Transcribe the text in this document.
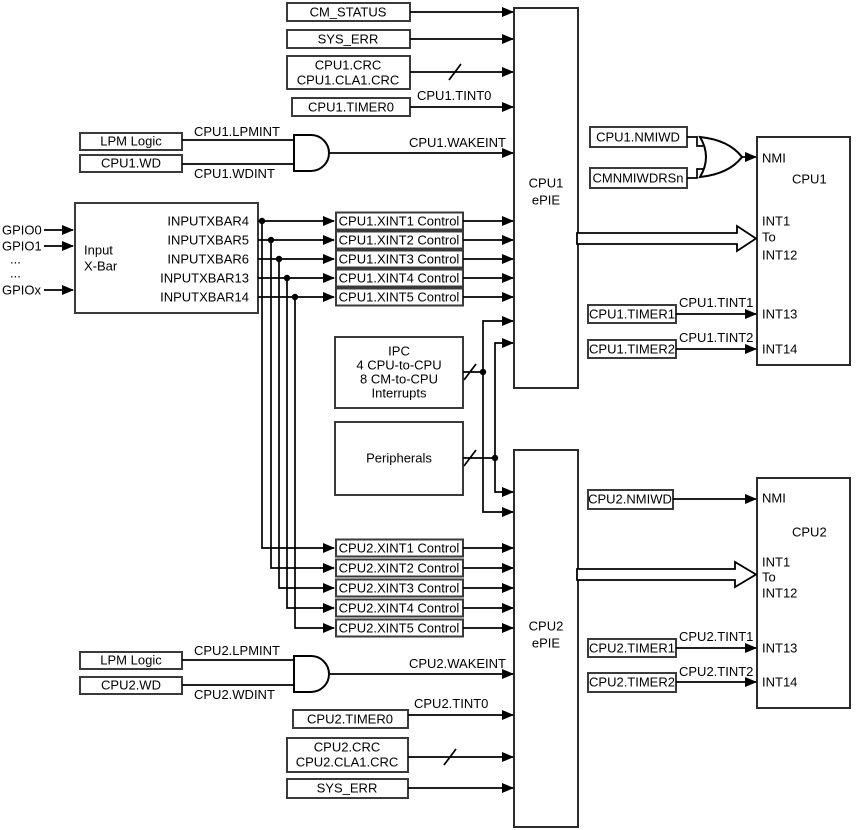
CM_STATUS
SYS_ERR
CPU1.CRC
CPU1.CLA1.CRC
CPU1.TIMER0
CPU1.TINT0
LPM Logic
CPU1.LPMINT
CPU1.WD
CPU1.WDINT
CPU1.WAKEINT
Input
X-Bar
GPIO0
GPIO1
...
...
GPIOx
INPUTXBAR4
INPUTXBAR5
INPUTXBAR6
INPUTXBAR13
INPUTXBAR14
CPU1.XINT1 Control
CPU1.XINT2 Control
CPU1.XINT3 Control
CPU1.XINT4 Control
CPU1.XINT5 Control
IPC
4 CPU-to-CPU
8 CM-to-CPU
Interrupts
Peripherals
CPU1
ePIE
CPU2
ePIE
CPU1.NMIWD
CMNMIWDRSn
NMI
CPU1
INT1
To
INT12
INT13
INT14
CPU1.TIMER1
CPU1.TINT1
CPU1.TIMER2
CPU1.TINT2
CPU2.XINT1 Control
CPU2.XINT2 Control
CPU2.XINT3 Control
CPU2.XINT4 Control
CPU2.XINT5 Control
LPM Logic
CPU2.LPMINT
CPU2.WD
CPU2.WDINT
CPU2.WAKEINT
CPU2.TIMER0
CPU2.TINT0
CPU2.CRC
CPU2.CLA1.CRC
SYS_ERR
CPU2.NMIWD	NMI
CPU2
INT1
To
INT12
INT13
INT14
CPU2.TIMER1
CPU2.TINT1
CPU2.TIMER2
CPU2.TINT2
